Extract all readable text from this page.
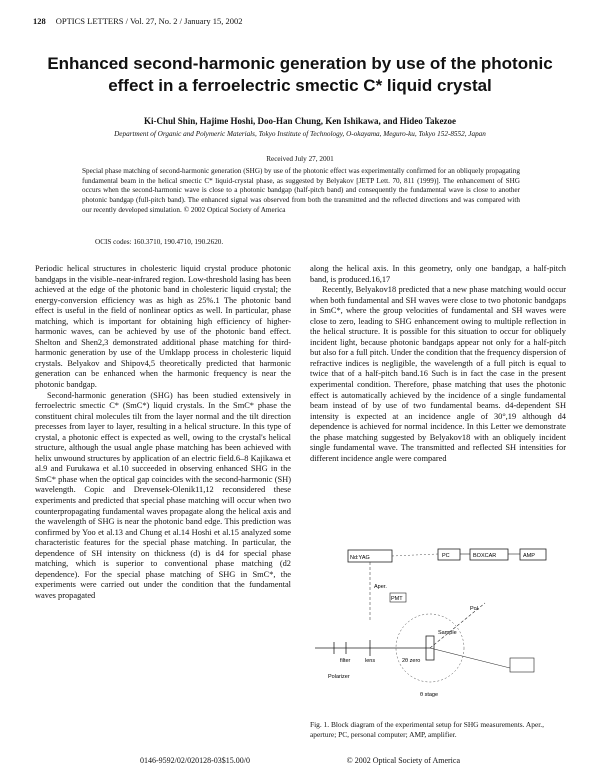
128 OPTICS LETTERS / Vol. 27, No. 2 / January 15, 2002
Enhanced second-harmonic generation by use of the photonic
effect in a ferroelectric smectic C* liquid crystal
Ki-Chul Shin, Hajime Hoshi, Doo-Han Chung, Ken Ishikawa, and Hideo Takezoe
Department of Organic and Polymeric Materials, Tokyo Institute of Technology, O-okayama, Meguro-ku, Tokyo 152-8552, Japan
Received July 27, 2001
Special phase matching of second-harmonic generation (SHG) by use of the photonic effect was experimentally confirmed for an obliquely propagating fundamental beam in the helical smectic C* liquid-crystal phase, as suggested by Belyakov [JETP Lett. 70, 811 (1999)]. The enhancement of SHG occurs when the second-harmonic wave is close to a photonic bandgap (half-pitch band) and consequently the fundamental wave is close to another photonic bandgap (full-pitch band). The enhanced signal was observed from both the transmitted and the reflected directions and was compared with our recently developed simulation. © 2002 Optical Society of America
OCIS codes: 160.3710, 190.4710, 190.2620.

Periodic helical structures in cholesteric liquid crystal produce photonic bandgaps in the visible–near-infrared region. Low-threshold lasing has been achieved at the edge of the photonic band in cholesteric liquid crystal; the energy-conversion efficiency was as high as 25%.1 The photonic band effect is useful in the field of nonlinear optics as well. In particular, phase matching, which is important for obtaining high efficiency of higher-harmonic waves, can be achieved by use of the photonic band effect. Shelton and Shen2,3 demonstrated additional phase matching for third-harmonic generation by use of the Umklapp process in cholesteric liquid crystals. Belyakov and Shipov4,5 theoretically predicted that harmonic generation can be enhanced when the harmonic frequency is near the photonic bandgap.

Second-harmonic generation (SHG) has been studied extensively in ferroelectric smectic C* (SmC*) liquid crystals. In the SmC* phase the constituent chiral molecules tilt from the layer normal and the tilt direction precesses from layer to layer, resulting in a helical structure. In this type of crystal, a photonic effect is expected as well, owing to the crystal's helical structure, although the usual angle phase matching has been achieved with helix unwound structures by application of an electric field.6–8 Kajikawa et al.9 and Furukawa et al.10 succeeded in observing enhanced SHG in the SmC* phase when the optical gap coincides with the second-harmonic (SH) wavelength. Copic and Drevensek-Olenik11,12 reconsidered these experiments and predicted that special phase matching will occur when two counterpropagating fundamental waves propagate along the helical axis and the wavelength of SHG is near the photonic band edge. This prediction was confirmed by Yoo et al.13 and Chung et al.14 Hoshi et al.15 analyzed some characteristic features for the special phase matching. In particular, the dependence of SH intensity on thickness (d) is d4 for special phase matching, which is superior to conventional phase matching (d2 dependence). For the special phase matching of SHG in SmC*, the experiments were carried out under the condition that the fundamental waves propagated

along the helical axis. In this geometry, only one bandgap, a half-pitch band, is produced.16,17

Recently, Belyakov18 predicted that a new phase matching would occur when both fundamental and SH waves were close to two photonic bandgaps in SmC*, where the group velocities of fundamental and SH waves were close to zero, leading to SHG enhancement owing to multiple reflection in the helical structure. It is possible for this situation to occur for obliquely incident light, because photonic bandgaps appear not only for a half-pitch but also for a full pitch. Under the condition that the frequency dispersion of refractive indices is negligible, the wavelength of a full pitch is equal to twice that of a half-pitch band.16 Such is in fact the case in the present experimental condition. Therefore, phase matching that uses the photonic effect is automatically achieved by the incidence of a single fundamental beam instead of by use of two fundamental beams. d4-dependent SH intensity is expected at an incidence angle of 30°,19 although d4 dependence is achieved for normal incidence. In this Letter we demonstrate the phase matching suggested by Belyakov18 with an obliquely incident single fundamental wave. The transmitted and reflected SH intensities for different incidence angle were compared

Nd:YAG	PC	BOXCAR	AMP
PMT
Aper.
Sample
2θ zero
filter	lens
Pol.
Polarizer
θ stage
Fig. 1. Block diagram of the experimental setup for SHG measurements. Aper., aperture; PC, personal computer; AMP, amplifier.
0146-9592/02/020128-03$15.00/0	© 2002 Optical Society of America
